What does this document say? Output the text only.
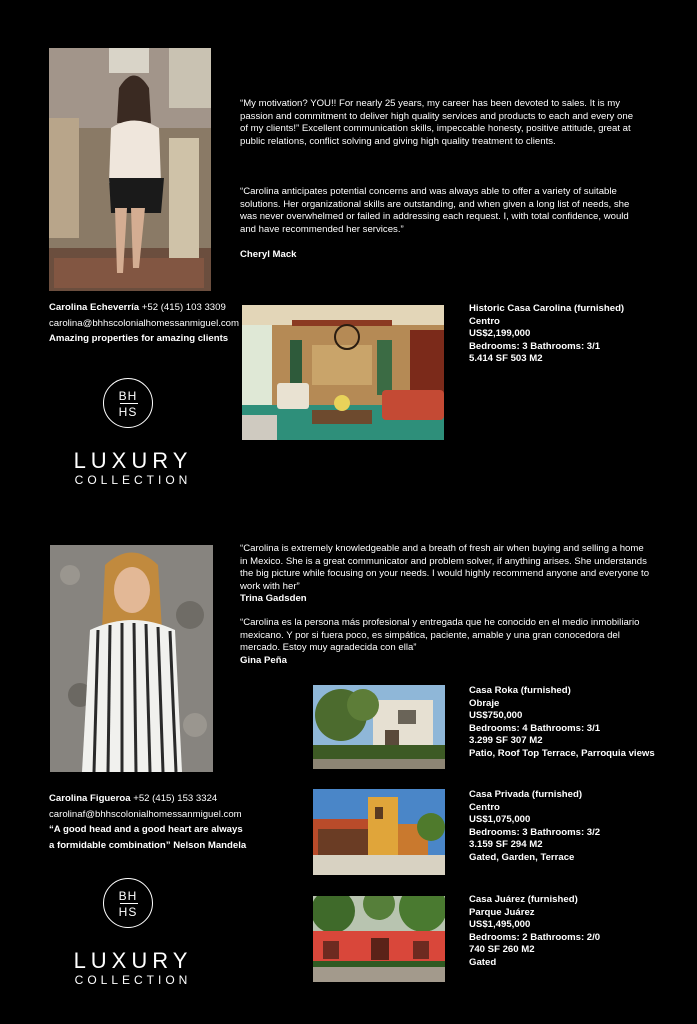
“My motivation? YOU!! For nearly 25 years, my career has been devoted to sales. It is my passion and commitment to deliver high quality services and products to each and every one of my clients!” Excellent communication skills, impeccable honesty, positive attitude, great at public relations, conflict solving and giving high quality treatment to clients.

“Carolina anticipates potential concerns and was always able to offer a variety of suitable solutions. Her organizational skills are outstanding, and when given a long list of needs, she was never overwhelmed or failed in addressing each request. I, with total confidence, would and have recommended her services.”

Cheryl Mack

Carolina Echeverría +52 (415) 103 3309
carolina@bhhscolonialhomessanmiguel.com
Amazing properties for amazing clients
Historic Casa Carolina (furnished)
Centro
US$2,199,000
Bedrooms: 3 Bathrooms: 3/1
5.414 SF 503 M2
BH
HS
LUXURY
COLLECTION

“Carolina is extremely knowledgeable and a breath of fresh air when buying and selling a home in Mexico. She is a great communicator and problem solver, if anything arises. She understands the big picture while focusing on your needs. I would highly recommend anyone and everyone to work with her”

Trina Gadsden

“Carolina es la persona más profesional y entregada que he conocido en el medio inmobiliario mexicano. Y por si fuera poco, es simpática, paciente, amable y una gran conocedora del mercado. Estoy muy agradecida con ella”

Gina Peña

Carolina Figueroa +52 (415) 153 3324
carolinaf@bhhscolonialhomessanmiguel.com
“A good head and a good heart are always
a formidable combination” Nelson Mandela
BH
HS
LUXURY
COLLECTION
Casa Roka (furnished)
Obraje
US$750,000
Bedrooms: 4 Bathrooms: 3/1
3.299 SF 307 M2
Patio, Roof Top Terrace, Parroquia views
Casa Privada (furnished)
Centro
US$1,075,000
Bedrooms: 3 Bathrooms: 3/2
3.159 SF 294 M2
Gated, Garden, Terrace
Casa Juárez (furnished)
Parque Juárez
US$1,495,000
Bedrooms: 2 Bathrooms: 2/0
740 SF 260 M2
Gated
